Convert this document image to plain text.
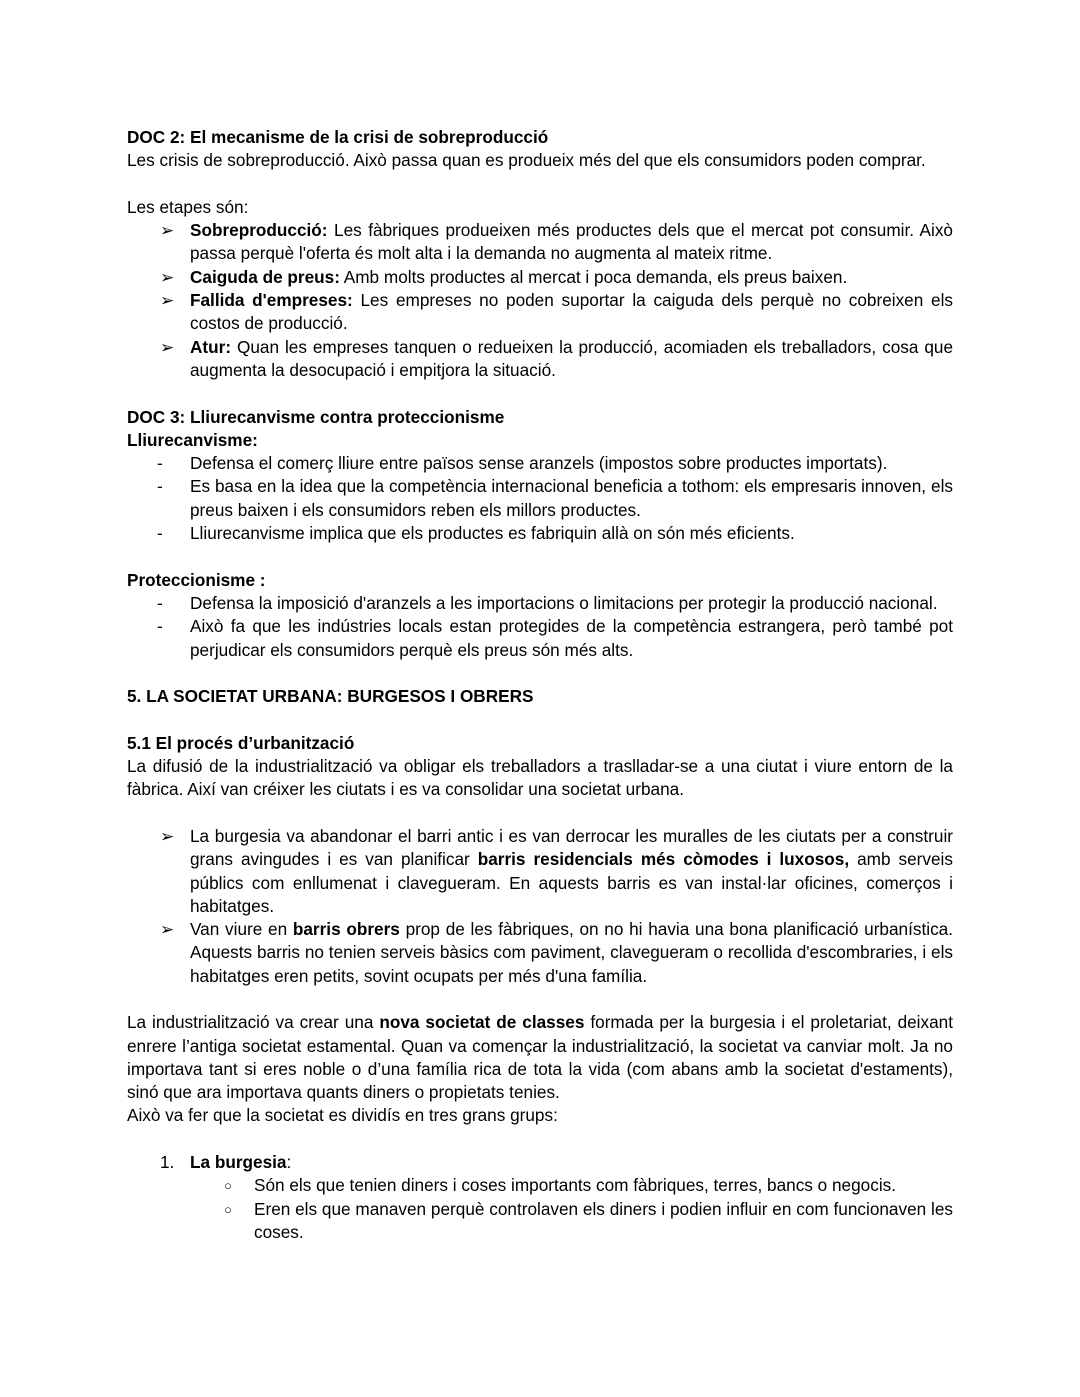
DOC 2: El mecanisme de la crisi de sobreproducció

Les crisis de sobreproducció. Això passa quan es produeix més del que els consumidors poden comprar.

Les etapes són:

➢ Sobreproducció: Les fàbriques produeixen més productes dels que el mercat pot consumir. Això passa perquè l'oferta és molt alta i la demanda no augmenta al mateix ritme.
➢ Caiguda de preus: Amb molts productes al mercat i poca demanda, els preus baixen.
➢ Fallida d'empreses: Les empreses no poden suportar la caiguda dels perquè no cobreixen els costos de producció.
➢ Atur: Quan les empreses tanquen o redueixen la producció, acomiaden els treballadors, cosa que augmenta la desocupació i empitjora la situació.

DOC 3: Lliurecanvisme contra proteccionisme

Lliurecanvisme:

- Defensa el comerç lliure entre països sense aranzels (impostos sobre productes importats).
- Es basa en la idea que la competència internacional beneficia a tothom: els empresaris innoven, els preus baixen i els consumidors reben els millors productes.
- Lliurecanvisme implica que els productes es fabriquin allà on són més eficients.

Proteccionisme :

- Defensa la imposició d'aranzels a les importacions o limitacions per protegir la producció nacional.
- Això fa que les indústries locals estan protegides de la competència estrangera, però també pot perjudicar els consumidors perquè els preus són més alts.

5. LA SOCIETAT URBANA: BURGESOS I OBRERS

5.1 El procés d’urbanització

La difusió de la industrialització va obligar els treballadors a traslladar-se a una ciutat i viure entorn de la fàbrica. Així van créixer les ciutats i es va consolidar una societat urbana.

➢ La burgesia va abandonar el barri antic i es van derrocar les muralles de les ciutats per a construir grans avingudes i es van planificar barris residencials més còmodes i luxosos, amb serveis públics com enllumenat i clavegueram. En aquests barris es van instal·lar oficines, comerços i habitatges.
➢ Van viure en barris obrers prop de les fàbriques, on no hi havia una bona planificació urbanística. Aquests barris no tenien serveis bàsics com paviment, clavegueram o recollida d'escombraries, i els habitatges eren petits, sovint ocupats per més d'una família.

La industrialització va crear una nova societat de classes formada per la burgesia i el proletariat, deixant enrere l’antiga societat estamental. Quan va començar la industrialització, la societat va canviar molt. Ja no importava tant si eres noble o d’una família rica de tota la vida (com abans amb la societat d'estaments), sinó que ara importava quants diners o propietats tenies.

Això va fer que la societat es dividís en tres grans grups:

1. La burgesia:
○ Són els que tenien diners i coses importants com fàbriques, terres, bancs o negocis.
○ Eren els que manaven perquè controlaven els diners i podien influir en com funcionaven les coses.
